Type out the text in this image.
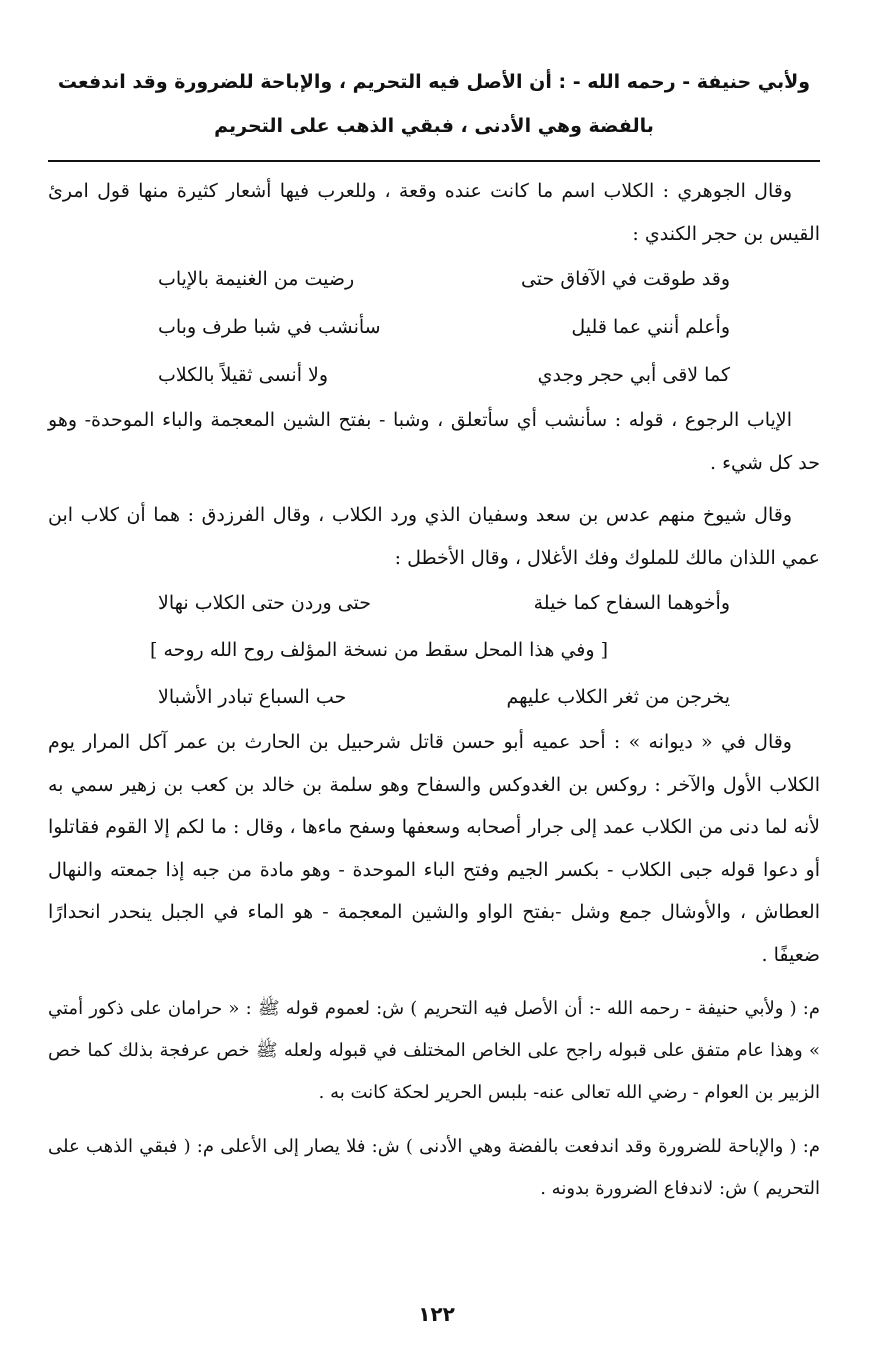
ولأبي حنيفة - رحمه الله - : أن الأصل فيه التحريم ، والإباحة للضرورة وقد اندفعت بالفضة وهي الأدنى ، فبقي الذهب على التحريم

وقال الجوهري : الكلاب اسم ما كانت عنده وقعة ، وللعرب فيها أشعار كثيرة منها قول امرئ القيس بن حجر الكندي :

وقد طوقت في الآفاق حتى
رضيت من الغنيمة بالإياب
وأعلم أنني عما قليل
سأنشب في شبا طرف وباب
كما لاقى أبي حجر وجدي
ولا أنسى ثقيلاً بالكلاب

الإياب الرجوع ، قوله : سأنشب أي سأتعلق ، وشبا - بفتح الشين المعجمة والباء الموحدة- وهو حد كل شيء .

وقال شيوخ منهم عدس بن سعد وسفيان الذي ورد الكلاب ، وقال الفرزدق : هما أن كلاب ابن عمي اللذان مالك للملوك وفك الأغلال ، وقال الأخطل :

وأخوهما السفاح كما خيلة
حتى وردن حتى الكلاب نهالا
[ وفي هذا المحل سقط من نسخة المؤلف روح الله روحه ]
يخرجن من ثغر الكلاب عليهم
حب السباع تبادر الأشبالا

وقال في « ديوانه » : أحد عميه أبو حسن قاتل شرحبيل بن الحارث بن عمر آكل المرار يوم الكلاب الأول والآخر : روكس بن الغدوكس والسفاح وهو سلمة بن خالد بن كعب بن زهير سمي به لأنه لما دنى من الكلاب عمد إلى جرار أصحابه وسعفها وسفح ماءها ، وقال : ما لكم إلا القوم فقاتلوا أو دعوا قوله جبى الكلاب - بكسر الجيم وفتح الباء الموحدة - وهو مادة من جبه إذا جمعته والنهال العطاش ، والأوشال جمع وشل -بفتح الواو والشين المعجمة - هو الماء في الجبل ينحدر انحدارًا ضعيفًا .

م: ( ولأبي حنيفة - رحمه الله -: أن الأصل فيه التحريم ) ش: لعموم قوله ﷺ : « حرامان على ذكور أمتي » وهذا عام متفق على قبوله راجح على الخاص المختلف في قبوله ولعله ﷺ خص عرفجة بذلك كما خص الزبير بن العوام - رضي الله تعالى عنه- بلبس الحرير لحكة كانت به .

م: ( والإباحة للضرورة وقد اندفعت بالفضة وهي الأدنى ) ش: فلا يصار إلى الأعلى م: ( فبقي الذهب على التحريم ) ش: لاندفاع الضرورة بدونه .

١٢٢
